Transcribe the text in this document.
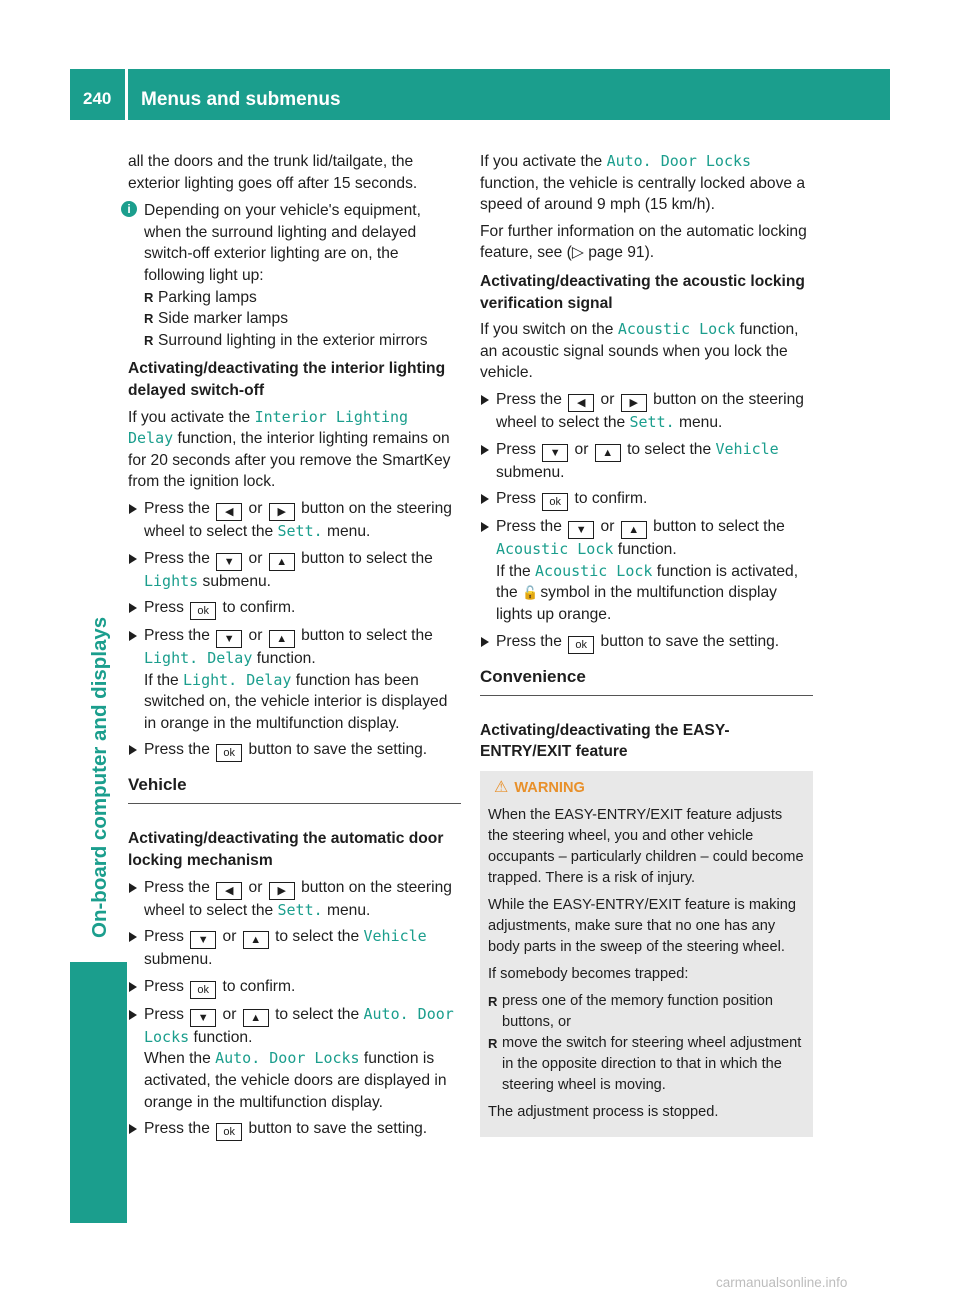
240 Menus and submenus
On-board computer and displays

all the doors and the trunk lid/tailgate, the exterior lighting goes off after 15 seconds.

i Depending on your vehicle's equipment, when the surround lighting and delayed switch-off exterior lighting are on, the following light up:
R Parking lamps
R Side marker lamps
R Surround lighting in the exterior mirrors
Activating/deactivating the interior lighting delayed switch-off

If you activate the Interior Lighting Delay function, the interior lighting remains on for 20 seconds after you remove the SmartKey from the ignition lock.

Press the ◀ or ▶ button on the steering wheel to select the Sett. menu.
Press the ▼ or ▲ button to select the Lights submenu.
Press ok to confirm.
Press the ▼ or ▲ button to select the Light. Delay function.
If the Light. Delay function has been switched on, the vehicle interior is displayed in orange in the multifunction display.
Press the ok button to save the setting.
Vehicle
Activating/deactivating the automatic door locking mechanism
Press the ◀ or ▶ button on the steering wheel to select the Sett. menu.
Press ▼ or ▲ to select the Vehicle submenu.
Press ok to confirm.
Press ▼ or ▲ to select the Auto. Door Locks function.
When the Auto. Door Locks function is activated, the vehicle doors are displayed in orange in the multifunction display.
Press the ok button to save the setting.

If you activate the Auto. Door Locks function, the vehicle is centrally locked above a speed of around 9 mph (15 km/h).

For further information on the automatic locking feature, see (▷ page 91).

Activating/deactivating the acoustic locking verification signal

If you switch on the Acoustic Lock function, an acoustic signal sounds when you lock the vehicle.

Press the ◀ or ▶ button on the steering wheel to select the Sett. menu.
Press ▼ or ▲ to select the Vehicle submenu.
Press ok to confirm.
Press the ▼ or ▲ button to select the Acoustic Lock function.
If the Acoustic Lock function is activated, the 🔓 symbol in the multifunction display lights up orange.
Press the ok button to save the setting.
Convenience
Activating/deactivating the EASY-ENTRY/EXIT feature

⚠ WARNING

When the EASY-ENTRY/EXIT feature adjusts the steering wheel, you and other vehicle occupants – particularly children – could become trapped. There is a risk of injury.

While the EASY-ENTRY/EXIT feature is making adjustments, make sure that no one has any body parts in the sweep of the steering wheel.

If somebody becomes trapped:

R press one of the memory function position buttons, or
R move the switch for steering wheel adjustment in the opposite direction to that in which the steering wheel is moving.

The adjustment process is stopped.

carmanualsonline.info
